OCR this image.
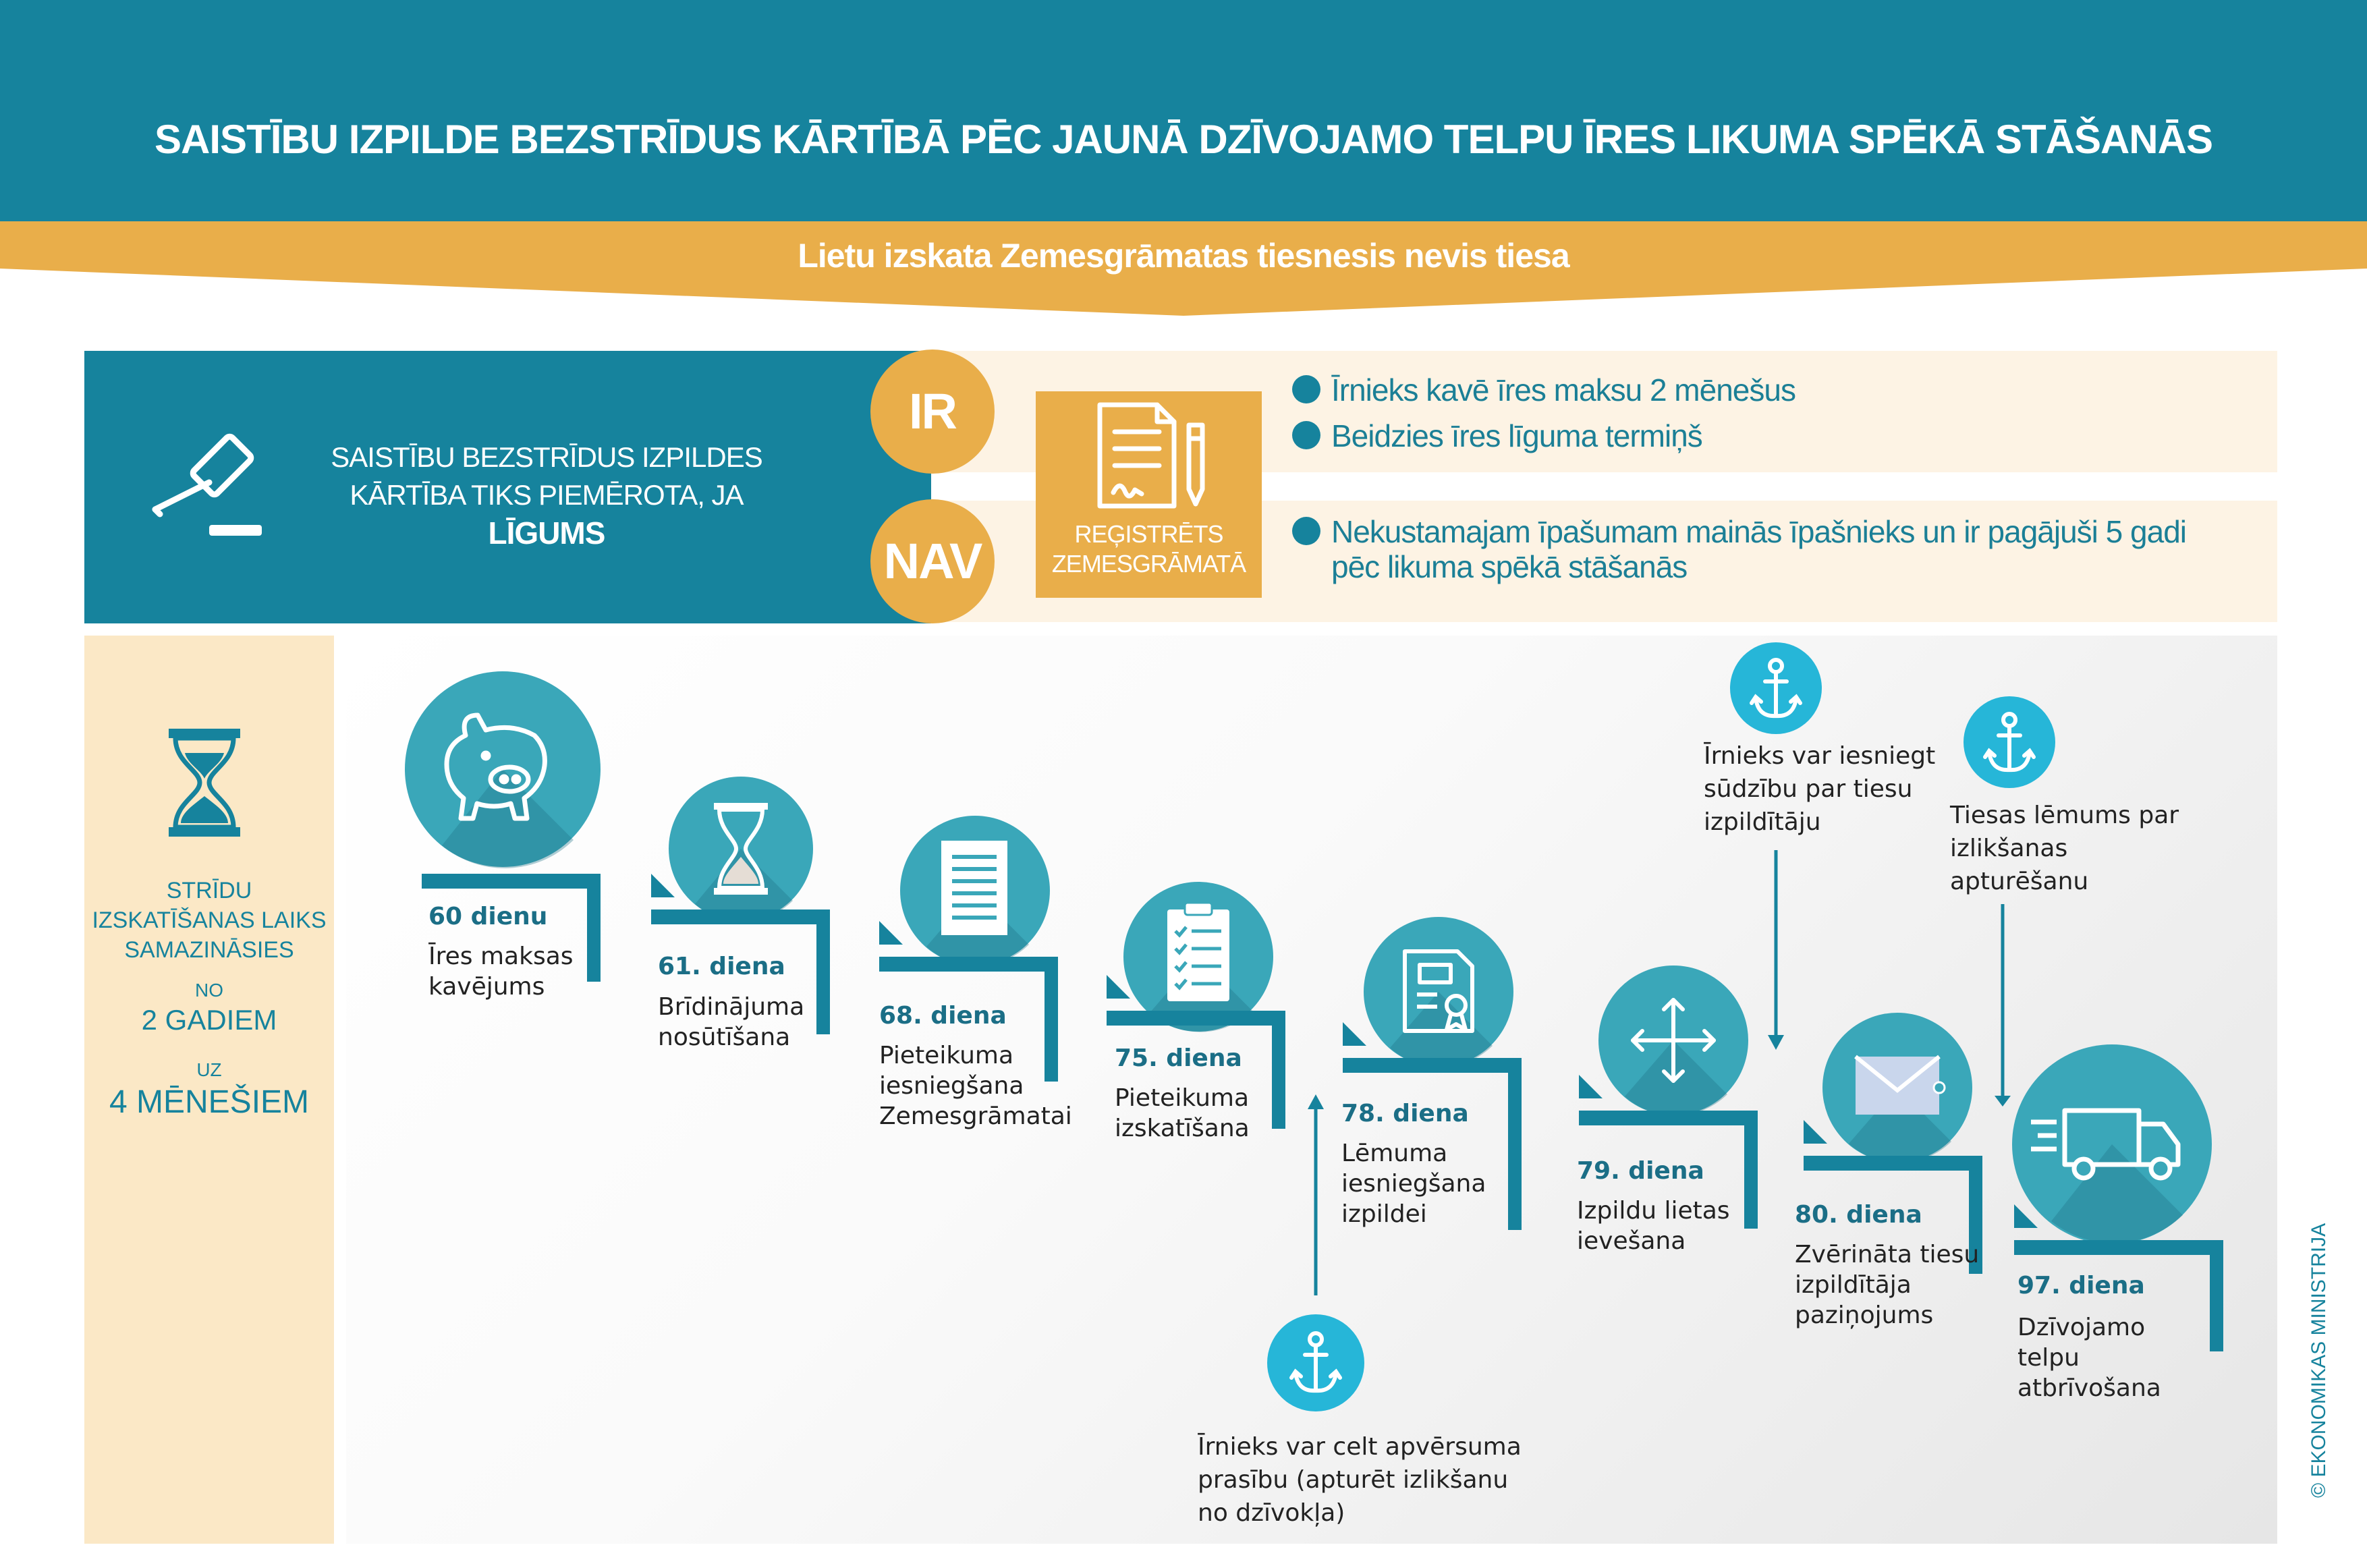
SAISTĪBU IZPILDE BEZSTRĪDUS KĀRTĪBĀ PĒC JAUNĀ DZĪVOJAMO TELPU ĪRES LIKUMA SPĒKĀ STĀŠANĀS
Lietu izskata Zemesgrāmatas tiesnesis nevis tiesa
SAISTĪBU BEZSTRĪDUS IZPILDES
KĀRTĪBA TIKS PIEMĒROTA, JA
LĪGUMS
IR
NAV	REĢISTRĒTS
ZEMESGRĀMATĀ
Īrnieks kavē īres maksu 2 mēnešus
Beidzies īres līguma termiņš
Nekustamajam īpašumam mainās īpašnieks un ir pagājuši 5 gadi
pēc likuma spēkā stāšanās
STRĪDU
IZSKATĪŠANAS LAIKS
SAMAZINĀSIES
NO
2 GADIEM
UZ
4 MĒNEŠIEM
60 dienu
Īres maksas
kavējums
61. diena
Brīdinājuma
nosūtīšana
68. diena
Pieteikuma
iesniegšana
Zemesgrāmatai
75. diena
Pieteikuma
izskatīšana
78. diena
Lēmuma
iesniegšana
izpildei
79. diena
Izpildu lietas
ievešana
80. diena
Zvērināta tiesu
izpildītāja
paziņojums
97. diena
Dzīvojamo
telpu
atbrīvošana
Īrnieks var celt apvērsuma
prasību (apturēt izlikšanu
no dzīvokļa)
Īrnieks var iesniegt
sūdzību par tiesu
izpildītāju	Tiesas lēmums par
izlikšanas
apturēšanu
© EKONOMIKAS MINISTRIJA
